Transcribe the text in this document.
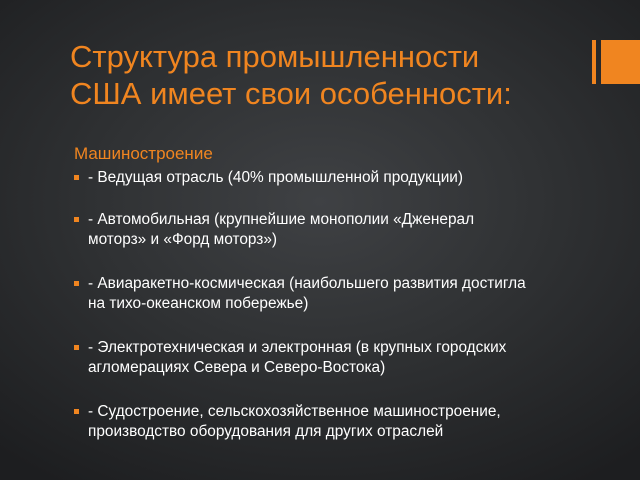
Структура промышленности
США имеет свои особенности:
Машиностроение
- Ведущая отрасль (40% промышленной продукции)
- Автомобильная (крупнейшие монополии «Дженерал
моторз» и «Форд моторз»)
- Авиаракетно-космическая (наибольшего развития достигла
на тихо-океанском побережье)
- Электротехническая и электронная (в крупных городских
агломерациях Севера и Северо-Востока)
- Судостроение, сельскохозяйственное машиностроение,
производство оборудования для других отраслей
